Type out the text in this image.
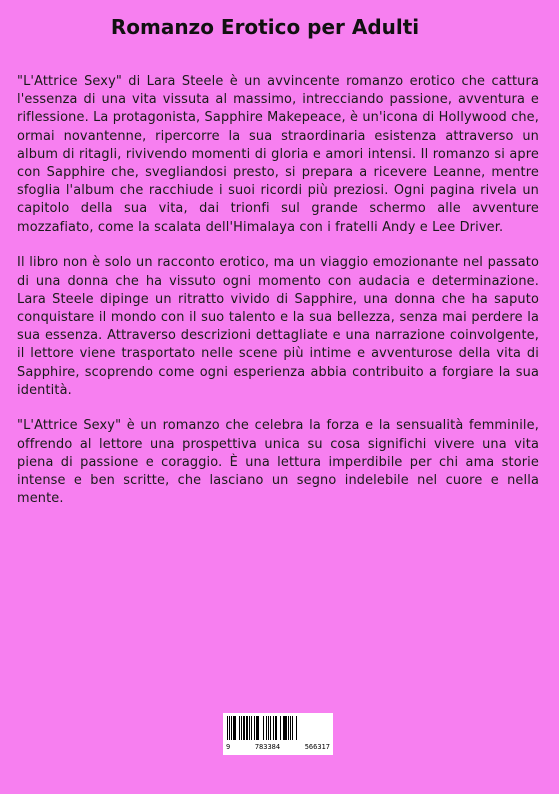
Romanzo Erotico per Adulti

"L'Attrice Sexy" di Lara Steele è un avvincente romanzo erotico che cattura l'essenza di una vita vissuta al massimo, intrecciando passione, avventura e riflessione. La protagonista, Sapphire Makepeace, è un'icona di Hollywood che, ormai novantenne, ripercorre la sua straordinaria esistenza attraverso un album di ritagli, rivivendo momenti di gloria e amori intensi. Il romanzo si apre con Sapphire che, svegliandosi presto, si prepara a ricevere Leanne, mentre sfoglia l'album che racchiude i suoi ricordi più preziosi. Ogni pagina rivela un capitolo della sua vita, dai trionfi sul grande schermo alle avventure mozzafiato, come la scalata dell'Himalaya con i fratelli Andy e Lee Driver.

Il libro non è solo un racconto erotico, ma un viaggio emozionante nel passato di una donna che ha vissuto ogni momento con audacia e determinazione. Lara Steele dipinge un ritratto vivido di Sapphire, una donna che ha saputo conquistare il mondo con il suo talento e la sua bellezza, senza mai perdere la sua essenza. Attraverso descrizioni dettagliate e una narrazione coinvolgente, il lettore viene trasportato nelle scene più intime e avventurose della vita di Sapphire, scoprendo come ogni esperienza abbia contribuito a forgiare la sua identità.

"L'Attrice Sexy" è un romanzo che celebra la forza e la sensualità femminile, offrendo al lettore una prospettiva unica su cosa significhi vivere una vita piena di passione e coraggio. È una lettura imperdibile per chi ama storie intense e ben scritte, che lasciano un segno indelebile nel cuore e nella mente.

9	783384	566317
